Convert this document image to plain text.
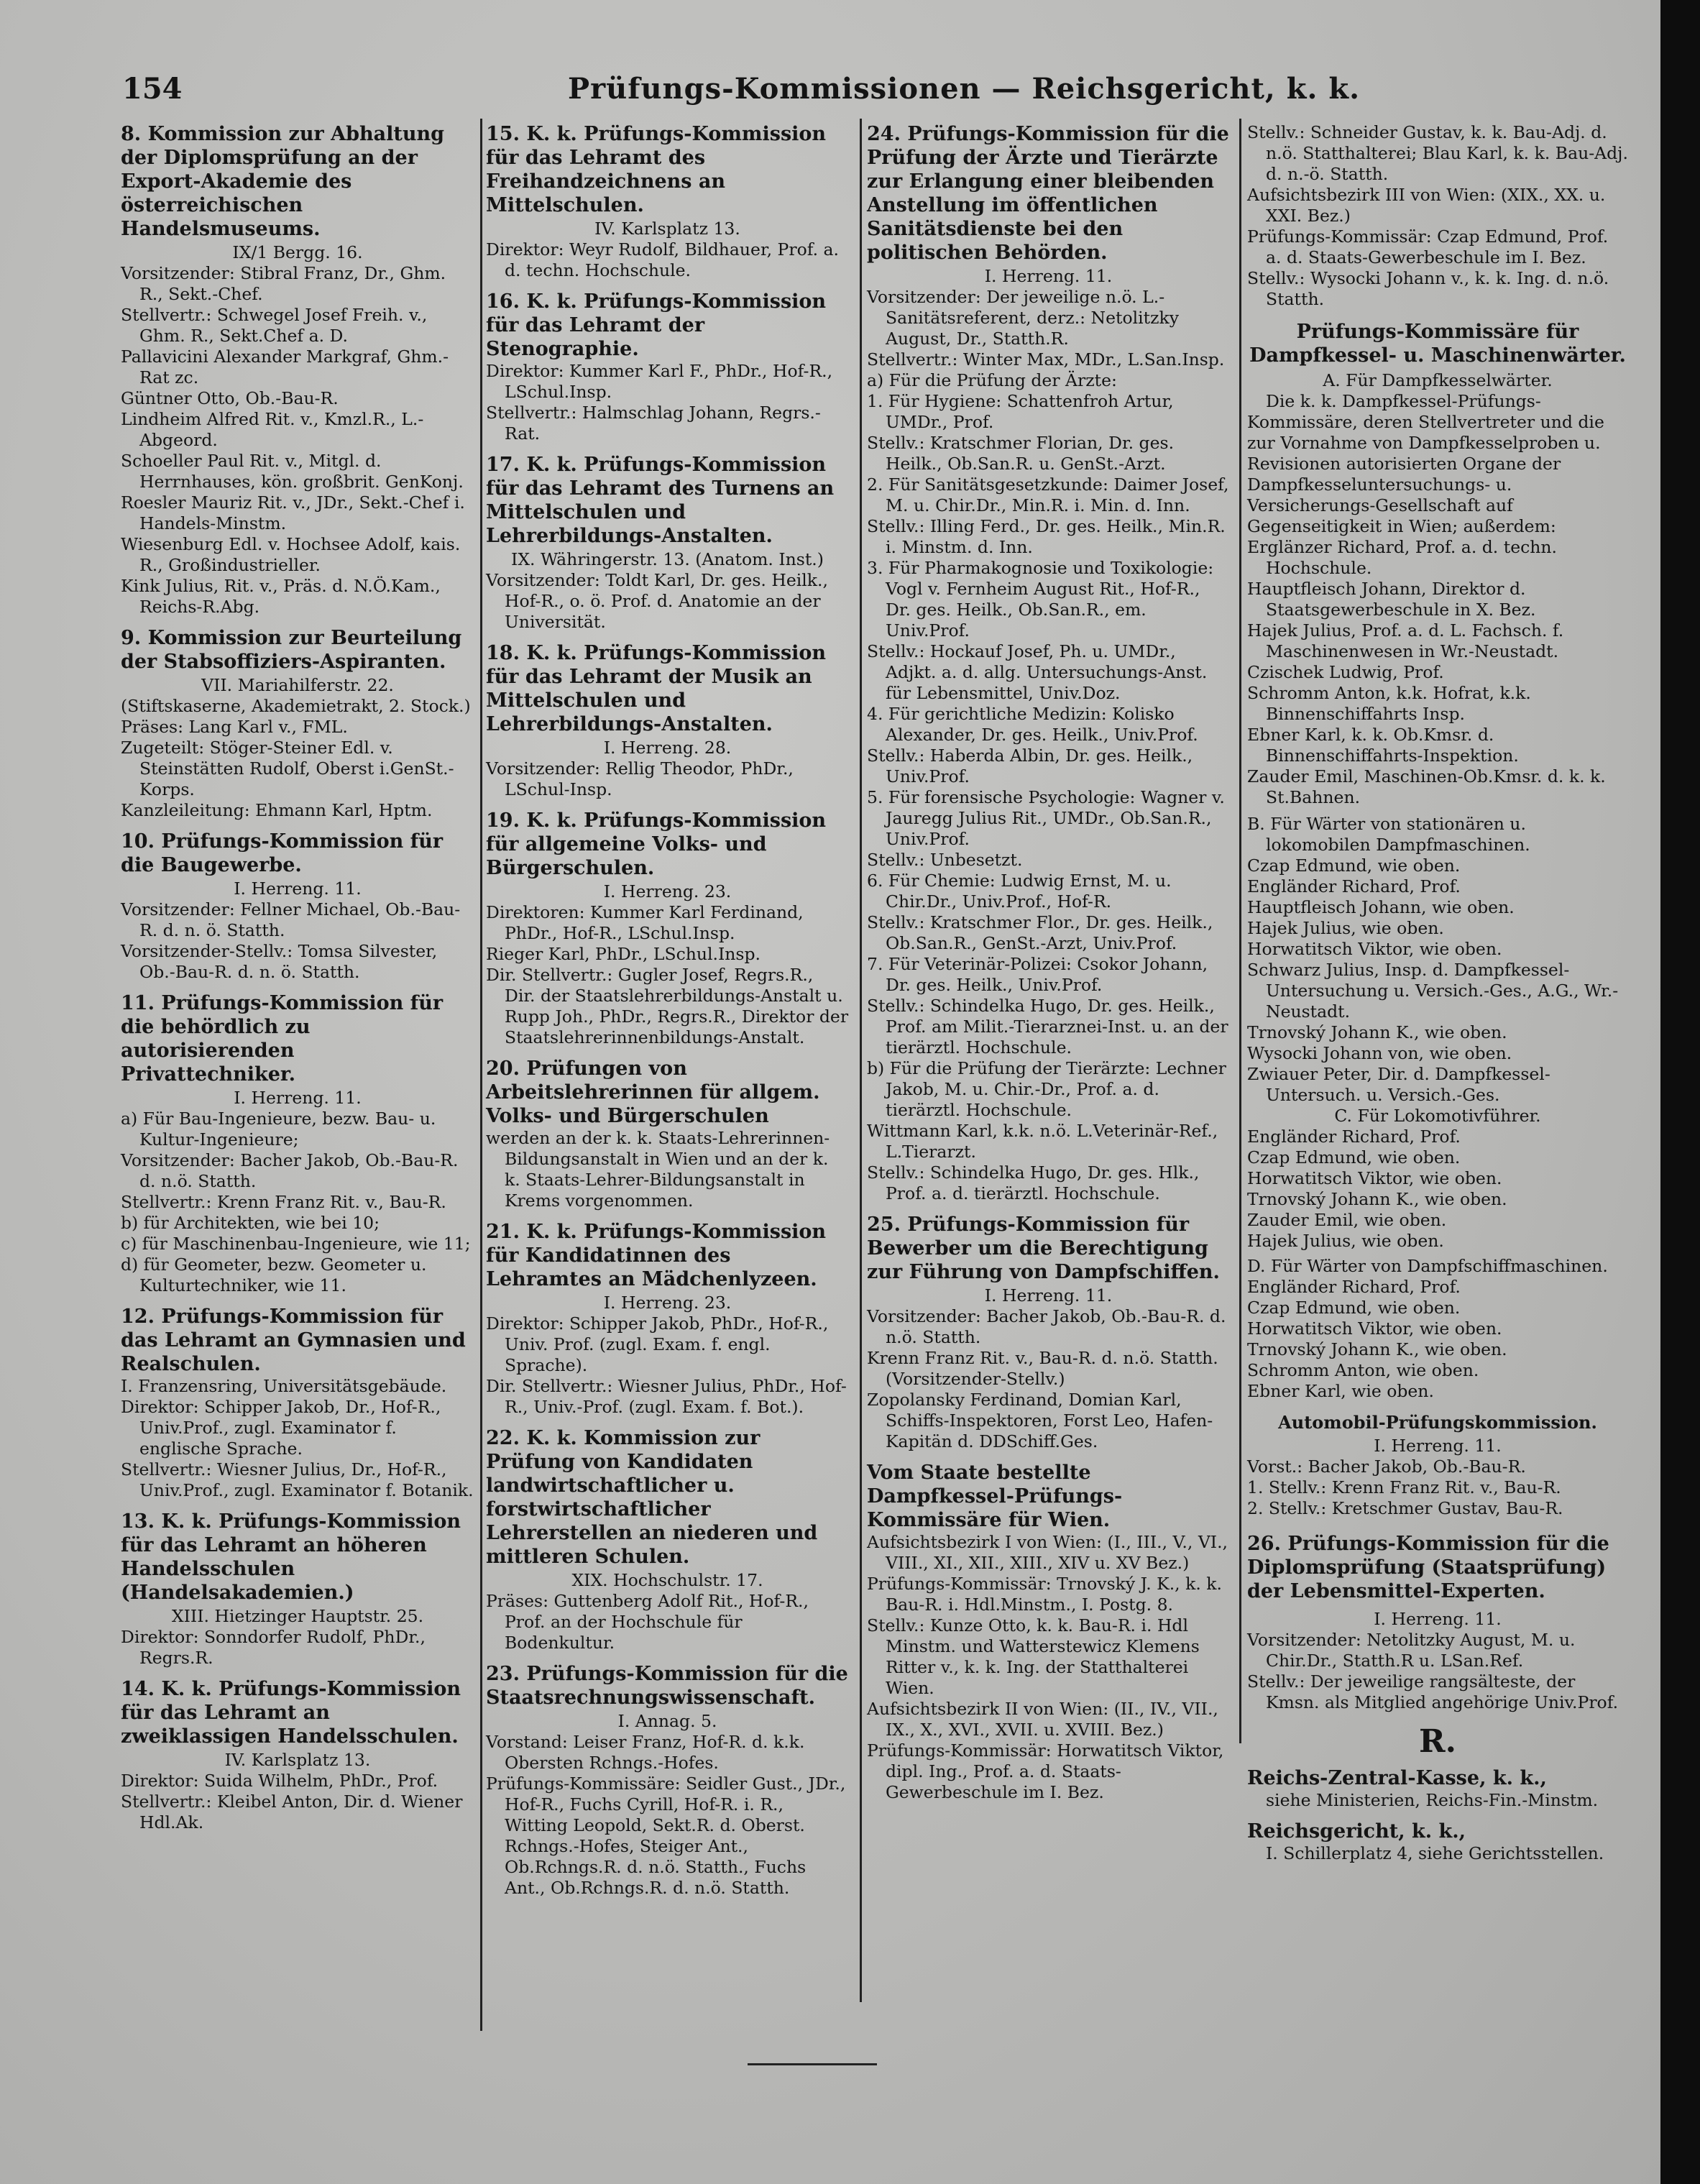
154	Prüfungs-Kommissionen — Reichsgericht, k. k.

8. Kommission zur Abhaltung der Diplomsprüfung an der Export-Akademie des österreichischen Handelsmuseums.

IX/1 Bergg. 16.

Vorsitzender: Stibral Franz, Dr., Ghm. R., Sekt.-Chef.

Stellvertr.: Schwegel Josef Freih. v., Ghm. R., Sekt.Chef a. D.

Pallavicini Alexander Markgraf, Ghm.-Rat zc.

Güntner Otto, Ob.-Bau-R.

Lindheim Alfred Rit. v., Kmzl.R., L.-Abgeord.

Schoeller Paul Rit. v., Mitgl. d. Herrnhauses, kön. großbrit. GenKonj.

Roesler Mauriz Rit. v., JDr., Sekt.-Chef i. Handels-Minstm.

Wiesenburg Edl. v. Hochsee Adolf, kais. R., Großindustrieller.

Kink Julius, Rit. v., Präs. d. N.Ö.Kam., Reichs-R.Abg.

9. Kommission zur Beurteilung der Stabsoffiziers-Aspiranten.

VII. Mariahilferstr. 22.

(Stiftskaserne, Akademietrakt, 2. Stock.)

Präses: Lang Karl v., FML.

Zugeteilt: Stöger-Steiner Edl. v. Steinstätten Rudolf, Oberst i.GenSt.-Korps.

Kanzleileitung: Ehmann Karl, Hptm.

10. Prüfungs-Kommission für die Baugewerbe.

I. Herreng. 11.

Vorsitzender: Fellner Michael, Ob.-Bau-R. d. n. ö. Statth.

Vorsitzender-Stellv.: Tomsa Silvester, Ob.-Bau-R. d. n. ö. Statth.

11. Prüfungs-Kommission für die behördlich zu autorisierenden Privattechniker.

I. Herreng. 11.

a) Für Bau-Ingenieure, bezw. Bau- u. Kultur-Ingenieure;

Vorsitzender: Bacher Jakob, Ob.-Bau-R. d. n.ö. Statth.

Stellvertr.: Krenn Franz Rit. v., Bau-R.

b) für Architekten, wie bei 10;

c) für Maschinenbau-Ingenieure, wie 11;

d) für Geometer, bezw. Geometer u. Kulturtechniker, wie 11.

12. Prüfungs-Kommission für das Lehramt an Gymnasien und Realschulen.

I. Franzensring, Universitätsgebäude.

Direktor: Schipper Jakob, Dr., Hof-R., Univ.Prof., zugl. Examinator f. englische Sprache.

Stellvertr.: Wiesner Julius, Dr., Hof-R., Univ.Prof., zugl. Examinator f. Botanik.

13. K. k. Prüfungs-Kommission für das Lehramt an höheren Handelsschulen (Handelsakademien.)

XIII. Hietzinger Hauptstr. 25.

Direktor: Sonndorfer Rudolf, PhDr., Regrs.R.

14. K. k. Prüfungs-Kommission für das Lehramt an zweiklassigen Handelsschulen.

IV. Karlsplatz 13.

Direktor: Suida Wilhelm, PhDr., Prof.

Stellvertr.: Kleibel Anton, Dir. d. Wiener Hdl.Ak.

15. K. k. Prüfungs-Kommission für das Lehramt des Freihandzeichnens an Mittelschulen.

IV. Karlsplatz 13.

Direktor: Weyr Rudolf, Bildhauer, Prof. a. d. techn. Hochschule.

16. K. k. Prüfungs-Kommission für das Lehramt der Stenographie.

Direktor: Kummer Karl F., PhDr., Hof-R., LSchul.Insp.

Stellvertr.: Halmschlag Johann, Regrs.-Rat.

17. K. k. Prüfungs-Kommission für das Lehramt des Turnens an Mittelschulen und Lehrerbildungs-Anstalten.

IX. Währingerstr. 13. (Anatom. Inst.)

Vorsitzender: Toldt Karl, Dr. ges. Heilk., Hof-R., o. ö. Prof. d. Anatomie an der Universität.

18. K. k. Prüfungs-Kommission für das Lehramt der Musik an Mittelschulen und Lehrerbildungs-Anstalten.

I. Herreng. 28.

Vorsitzender: Rellig Theodor, PhDr., LSchul-Insp.

19. K. k. Prüfungs-Kommission für allgemeine Volks- und Bürgerschulen.

I. Herreng. 23.

Direktoren: Kummer Karl Ferdinand, PhDr., Hof-R., LSchul.Insp.

Rieger Karl, PhDr., LSchul.Insp.

Dir. Stellvertr.: Gugler Josef, Regrs.R., Dir. der Staatslehrerbildungs-Anstalt u. Rupp Joh., PhDr., Regrs.R., Direktor der Staatslehrerinnenbildungs-Anstalt.

20. Prüfungen von Arbeitslehrerinnen für allgem. Volks- und Bürgerschulen

werden an der k. k. Staats-Lehrerinnen-Bildungsanstalt in Wien und an der k. k. Staats-Lehrer-Bildungsanstalt in Krems vorgenommen.

21. K. k. Prüfungs-Kommission für Kandidatinnen des Lehramtes an Mädchenlyzeen.

I. Herreng. 23.

Direktor: Schipper Jakob, PhDr., Hof-R., Univ. Prof. (zugl. Exam. f. engl. Sprache).

Dir. Stellvertr.: Wiesner Julius, PhDr., Hof-R., Univ.-Prof. (zugl. Exam. f. Bot.).

22. K. k. Kommission zur Prüfung von Kandidaten landwirtschaftlicher u. forstwirtschaftlicher Lehrerstellen an niederen und mittleren Schulen.

XIX. Hochschulstr. 17.

Präses: Guttenberg Adolf Rit., Hof-R., Prof. an der Hochschule für Bodenkultur.

23. Prüfungs-Kommission für die Staatsrechnungswissenschaft.

I. Annag. 5.

Vorstand: Leiser Franz, Hof-R. d. k.k. Obersten Rchngs.-Hofes.

Prüfungs-Kommissäre: Seidler Gust., JDr., Hof-R., Fuchs Cyrill, Hof-R. i. R., Witting Leopold, Sekt.R. d. Oberst. Rchngs.-Hofes, Steiger Ant., Ob.Rchngs.R. d. n.ö. Statth., Fuchs Ant., Ob.Rchngs.R. d. n.ö. Statth.

24. Prüfungs-Kommission für die Prüfung der Ärzte und Tierärzte zur Erlangung einer bleibenden Anstellung im öffentlichen Sanitätsdienste bei den politischen Behörden.

I. Herreng. 11.

Vorsitzender: Der jeweilige n.ö. L.-Sanitätsreferent, derz.: Netolitzky August, Dr., Statth.R.

Stellvertr.: Winter Max, MDr., L.San.Insp.

a) Für die Prüfung der Ärzte:

1. Für Hygiene: Schattenfroh Artur, UMDr., Prof.

Stellv.: Kratschmer Florian, Dr. ges. Heilk., Ob.San.R. u. GenSt.-Arzt.

2. Für Sanitätsgesetzkunde: Daimer Josef, M. u. Chir.Dr., Min.R. i. Min. d. Inn.

Stellv.: Illing Ferd., Dr. ges. Heilk., Min.R. i. Minstm. d. Inn.

3. Für Pharmakognosie und Toxikologie: Vogl v. Fernheim August Rit., Hof-R., Dr. ges. Heilk., Ob.San.R., em. Univ.Prof.

Stellv.: Hockauf Josef, Ph. u. UMDr., Adjkt. a. d. allg. Untersuchungs-Anst. für Lebensmittel, Univ.Doz.

4. Für gerichtliche Medizin: Kolisko Alexander, Dr. ges. Heilk., Univ.Prof.

Stellv.: Haberda Albin, Dr. ges. Heilk., Univ.Prof.

5. Für forensische Psychologie: Wagner v. Jauregg Julius Rit., UMDr., Ob.San.R., Univ.Prof.

Stellv.: Unbesetzt.

6. Für Chemie: Ludwig Ernst, M. u. Chir.Dr., Univ.Prof., Hof-R.

Stellv.: Kratschmer Flor., Dr. ges. Heilk., Ob.San.R., GenSt.-Arzt, Univ.Prof.

7. Für Veterinär-Polizei: Csokor Johann, Dr. ges. Heilk., Univ.Prof.

Stellv.: Schindelka Hugo, Dr. ges. Heilk., Prof. am Milit.-Tierarznei-Inst. u. an der tierärztl. Hochschule.

b) Für die Prüfung der Tierärzte: Lechner Jakob, M. u. Chir.-Dr., Prof. a. d. tierärztl. Hochschule.

Wittmann Karl, k.k. n.ö. L.Veterinär-Ref., L.Tierarzt.

Stellv.: Schindelka Hugo, Dr. ges. Hlk., Prof. a. d. tierärztl. Hochschule.

25. Prüfungs-Kommission für Bewerber um die Berechtigung zur Führung von Dampfschiffen.

I. Herreng. 11.

Vorsitzender: Bacher Jakob, Ob.-Bau-R. d. n.ö. Statth.

Krenn Franz Rit. v., Bau-R. d. n.ö. Statth. (Vorsitzender-Stellv.)

Zopolansky Ferdinand, Domian Karl, Schiffs-Inspektoren, Forst Leo, Hafen-Kapitän d. DDSchiff.Ges.

Vom Staate bestellte Dampfkessel-Prüfungs-Kommissäre für Wien.

Aufsichtsbezirk I von Wien: (I., III., V., VI., VIII., XI., XII., XIII., XIV u. XV Bez.)

Prüfungs-Kommissär: Trnovský J. K., k. k. Bau-R. i. Hdl.Minstm., I. Postg. 8.

Stellv.: Kunze Otto, k. k. Bau-R. i. Hdl Minstm. und Watterstewicz Klemens Ritter v., k. k. Ing. der Statthalterei Wien.

Aufsichtsbezirk II von Wien: (II., IV., VII., IX., X., XVI., XVII. u. XVIII. Bez.)

Prüfungs-Kommissär: Horwatitsch Viktor, dipl. Ing., Prof. a. d. Staats-Gewerbeschule im I. Bez.

Stellv.: Schneider Gustav, k. k. Bau-Adj. d. n.ö. Statthalterei; Blau Karl, k. k. Bau-Adj. d. n.-ö. Statth.

Aufsichtsbezirk III von Wien: (XIX., XX. u. XXI. Bez.)

Prüfungs-Kommissär: Czap Edmund, Prof. a. d. Staats-Gewerbeschule im I. Bez.

Stellv.: Wysocki Johann v., k. k. Ing. d. n.ö. Statth.

Prüfungs-Kommissäre für Dampfkessel- u. Maschinenwärter.

A. Für Dampfkesselwärter.

Die k. k. Dampfkessel-Prüfungs-Kommissäre, deren Stellvertreter und die zur Vornahme von Dampfkesselproben u. Revisionen autorisierten Organe der Dampfkesseluntersuchungs- u. Versicherungs-Gesellschaft auf Gegenseitigkeit in Wien; außerdem:

Erglänzer Richard, Prof. a. d. techn. Hochschule.

Hauptfleisch Johann, Direktor d. Staatsgewerbeschule in X. Bez.

Hajek Julius, Prof. a. d. L. Fachsch. f. Maschinenwesen in Wr.-Neustadt.

Czischek Ludwig, Prof.

Schromm Anton, k.k. Hofrat, k.k. Binnenschiffahrts Insp.

Ebner Karl, k. k. Ob.Kmsr. d. Binnenschiffahrts-Inspektion.

Zauder Emil, Maschinen-Ob.Kmsr. d. k. k. St.Bahnen.

B. Für Wärter von stationären u. lokomobilen Dampfmaschinen.

Czap Edmund, wie oben.

Engländer Richard, Prof.

Hauptfleisch Johann, wie oben.

Hajek Julius, wie oben.

Horwatitsch Viktor, wie oben.

Schwarz Julius, Insp. d. Dampfkessel-Untersuchung u. Versich.-Ges., A.G., Wr.-Neustadt.

Trnovský Johann K., wie oben.

Wysocki Johann von, wie oben.

Zwiauer Peter, Dir. d. Dampfkessel-Untersuch. u. Versich.-Ges.

C. Für Lokomotivführer.

Engländer Richard, Prof.

Czap Edmund, wie oben.

Horwatitsch Viktor, wie oben.

Trnovský Johann K., wie oben.

Zauder Emil, wie oben.

Hajek Julius, wie oben.

D. Für Wärter von Dampfschiffmaschinen.

Engländer Richard, Prof.

Czap Edmund, wie oben.

Horwatitsch Viktor, wie oben.

Trnovský Johann K., wie oben.

Schromm Anton, wie oben.

Ebner Karl, wie oben.

Automobil-Prüfungskommission.

I. Herreng. 11.

Vorst.: Bacher Jakob, Ob.-Bau-R.

1. Stellv.: Krenn Franz Rit. v., Bau-R.

2. Stellv.: Kretschmer Gustav, Bau-R.

26. Prüfungs-Kommission für die Diplomsprüfung (Staatsprüfung) der Lebensmittel-Experten.

I. Herreng. 11.

Vorsitzender: Netolitzky August, M. u. Chir.Dr., Statth.R u. LSan.Ref.

Stellv.: Der jeweilige rangsälteste, der Kmsn. als Mitglied angehörige Univ.Prof.

R.

Reichs-Zentral-Kasse, k. k.,

siehe Ministerien, Reichs-Fin.-Minstm.

Reichsgericht, k. k.,

I. Schillerplatz 4, siehe Gerichtsstellen.
